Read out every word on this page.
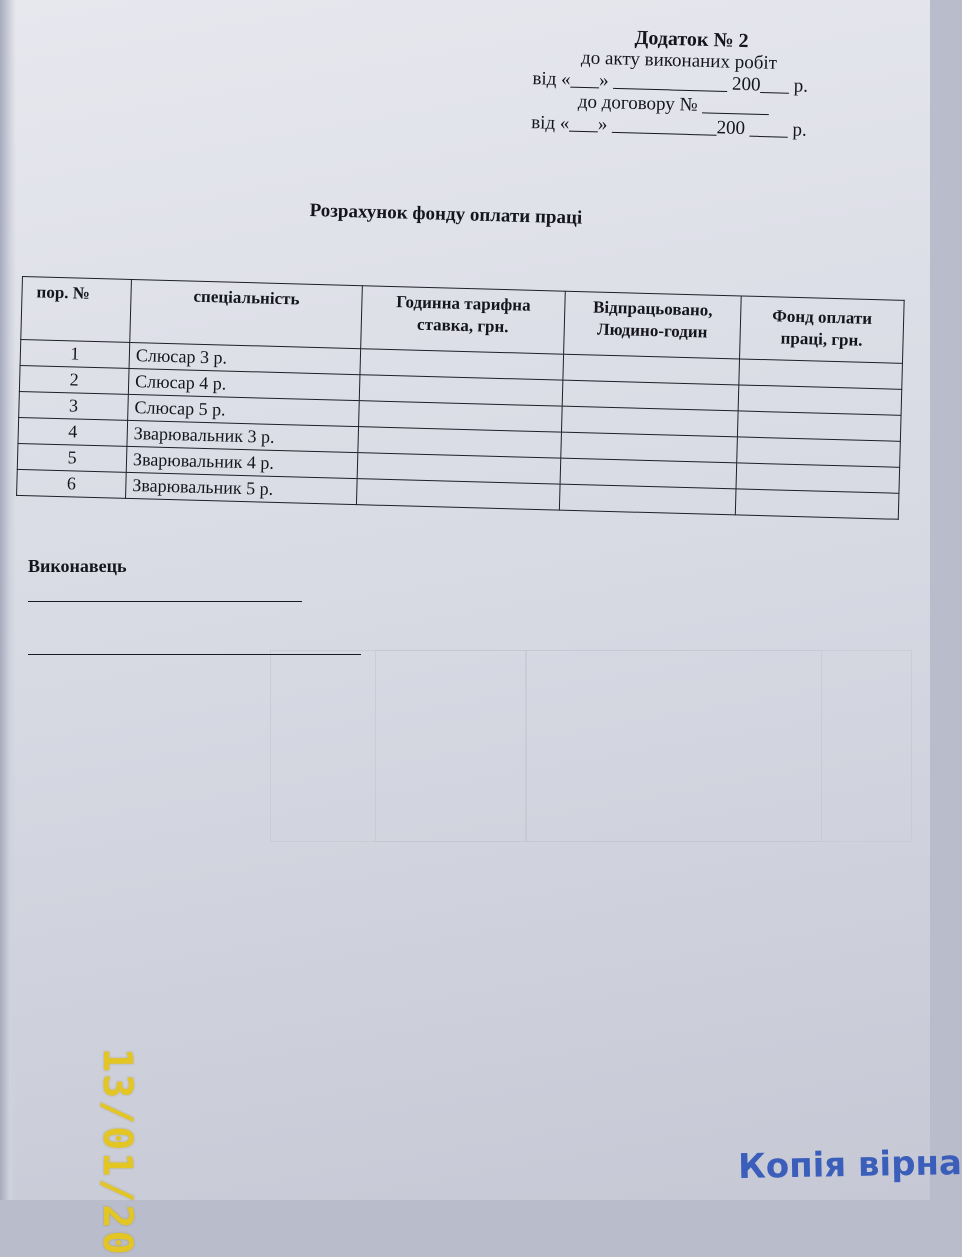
Додаток № 2
до акту виконаних робіт
від «___» ____________ 200___ р.
до договору № _______
від «___» ___________200 ____ р.
Розрахунок фонду оплати праці
пор. №	спеціальність	Годинна тарифна ставка, грн.	Відпрацьовано, Людино-годин	Фонд оплати праці, грн.
1	Слюсар 3 р.			
2	Слюсар 4 р.			
3	Слюсар 5 р.			
4	Зварювальник 3 р.			
5	Зварювальник 4 р.			
6	Зварювальник 5 р.			
Виконавець
13/01/20	Копія вірна
